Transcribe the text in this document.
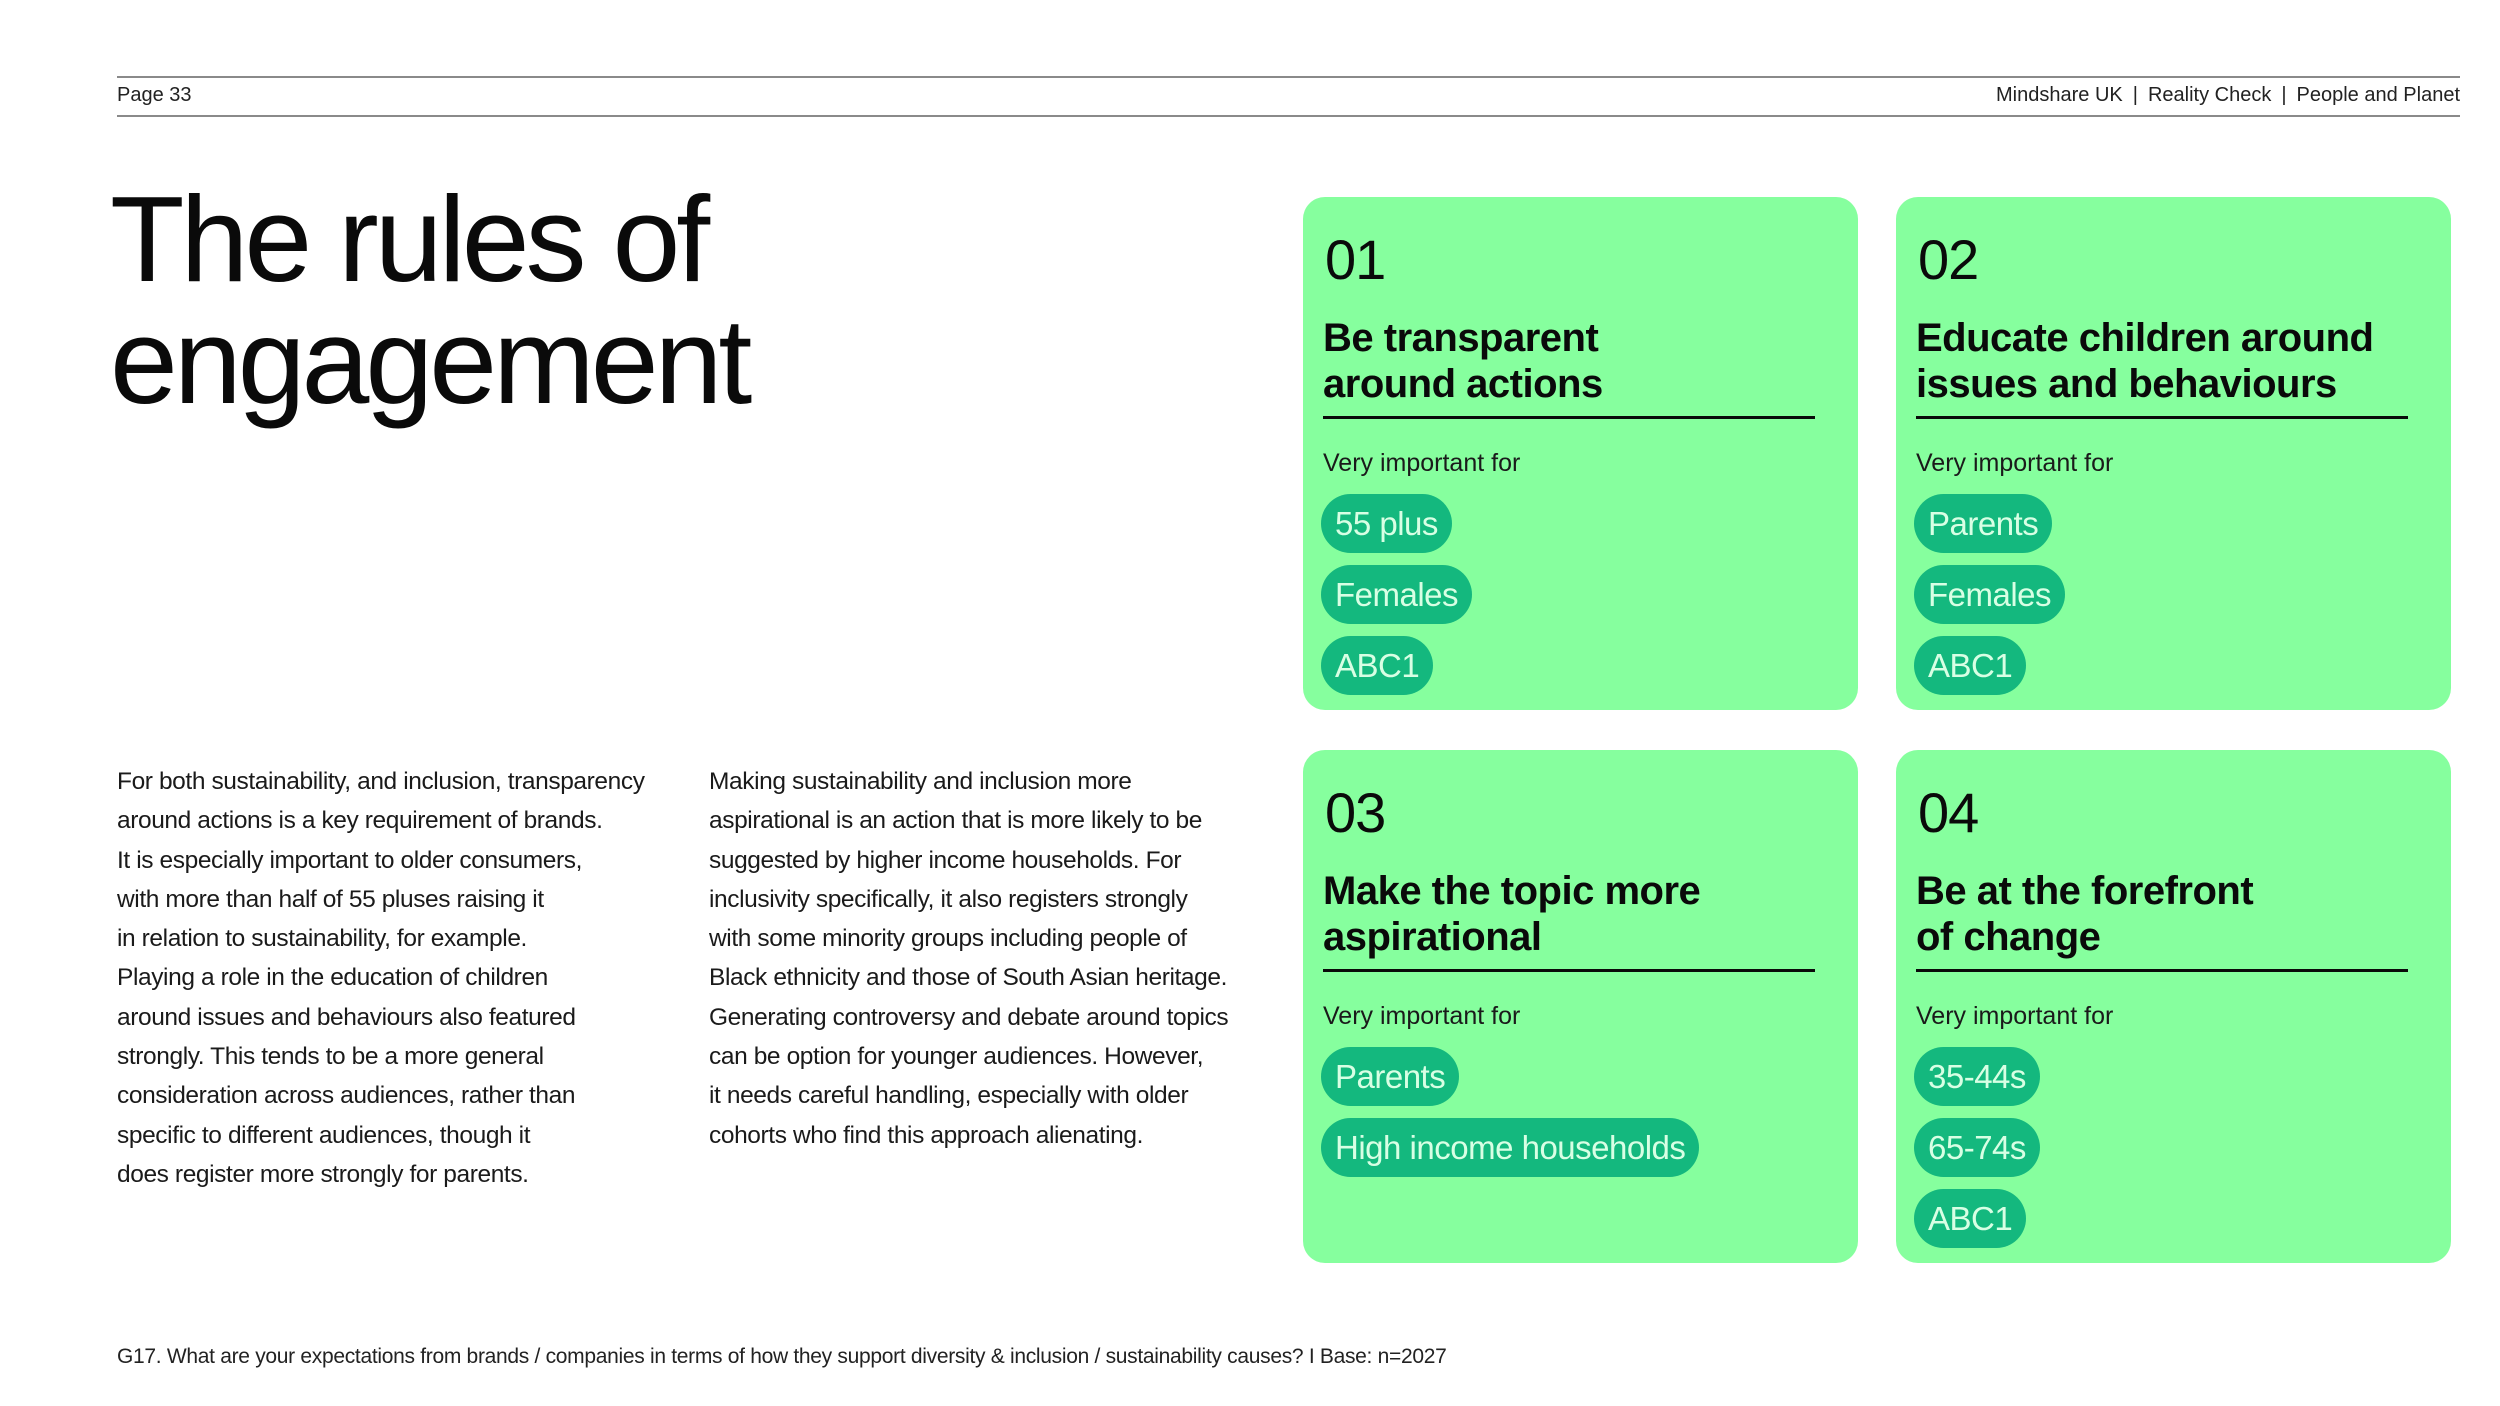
Page 33	Mindshare UK | Reality Check | People and Planet
The rules of
engagement
For both sustainability, and inclusion, transparency
around actions is a key requirement of brands.
It is especially important to older consumers,
with more than half of 55 pluses raising it
in relation to sustainability, for example.
Playing a role in the education of children
around issues and behaviours also featured
strongly. This tends to be a more general
consideration across audiences, rather than
specific to different audiences, though it
does register more strongly for parents.
Making sustainability and inclusion more
aspirational is an action that is more likely to be
suggested by higher income households. For
inclusivity specifically, it also registers strongly
with some minority groups including people of
Black ethnicity and those of South Asian heritage.
Generating controversy and debate around topics
can be option for younger audiences. However,
it needs careful handling, especially with older
cohorts who find this approach alienating.
01
Be transparent
around actions
Very important for
55 plus
Females
ABC1
02
Educate children around
issues and behaviours
Very important for
Parents
Females
ABC1
03
Make the topic more
aspirational
Very important for
Parents
High income households
04
Be at the forefront
of change
Very important for
35-44s
65-74s
ABC1
G17. What are your expectations from brands / companies in terms of how they support diversity & inclusion / sustainability causes? I Base: n=2027
